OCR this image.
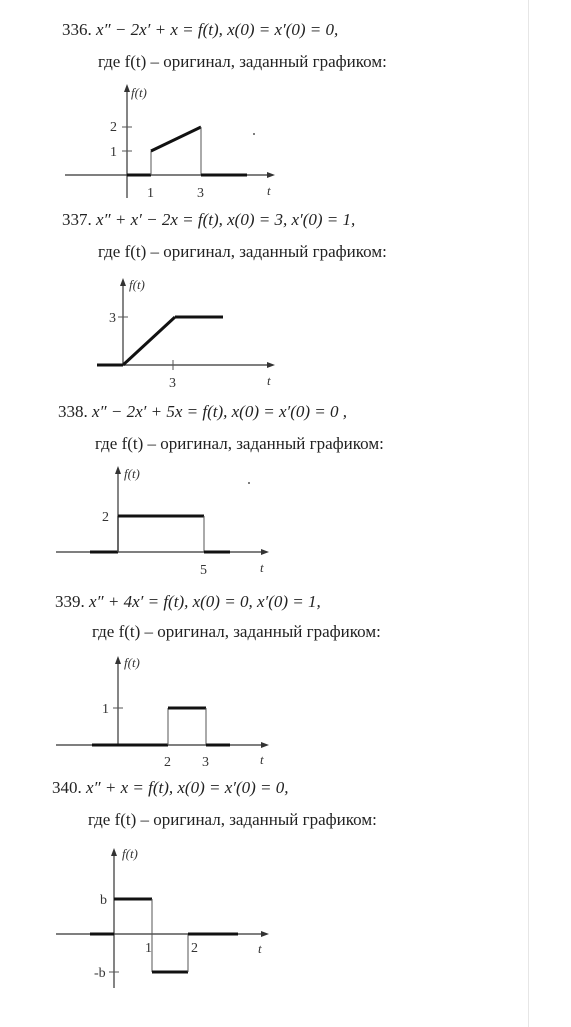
336. x″ − 2x′ + x = f(t), x(0) = x′(0) = 0,
где f(t) – оригинал, заданный графиком:
f(t)
t
2
1
1	3
337. x″ + x′ − 2x = f(t), x(0) = 3, x′(0) = 1,
где f(t) – оригинал, заданный графиком:
f(t)
t
3
3
338. x″ − 2x′ + 5x = f(t), x(0) = x′(0) = 0 ,
где f(t) – оригинал, заданный графиком:
f(t)
t
2
5
339. x″ + 4x′ = f(t), x(0) = 0, x′(0) = 1,
где f(t) – оригинал, заданный графиком:
f(t)
t
1
2 3
340. x″ + x = f(t), x(0) = x′(0) = 0,
где f(t) – оригинал, заданный графиком:
f(t)
t
b
-b
1	2
